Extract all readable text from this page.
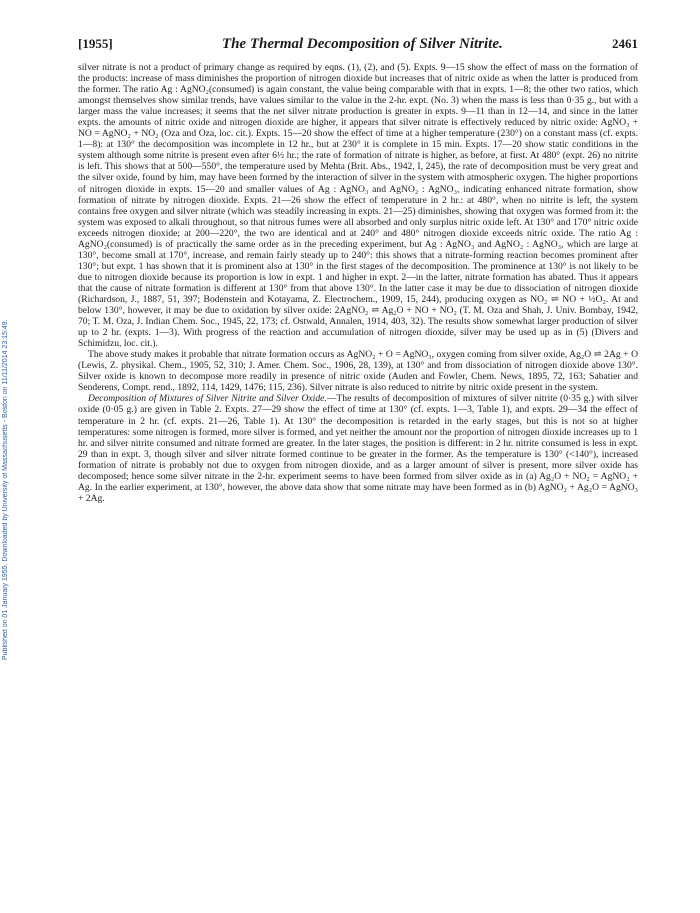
Published on 01 January 1955. Downloaded by University of Massachusetts - Boston on 11/11/2014 23:15:49.
[1955]	The Thermal Decomposition of Silver Nitrite.	2461

silver nitrate is not a product of primary change as required by eqns. (1), (2), and (5). Expts. 9—15 show the effect of mass on the formation of the products: increase of mass diminishes the proportion of nitrogen dioxide but increases that of nitric oxide as when the latter is produced from the former. The ratio Ag : AgNO₂(consumed) is again constant, the value being comparable with that in expts. 1—8; the other two ratios, which amongst themselves show similar trends, have values similar to the value in the 2-hr. expt. (No. 3) when the mass is less than 0·35 g., but with a larger mass the value increases; it seems that the net silver nitrate production is greater in expts. 9—11 than in 12—14, and since in the latter expts. the amounts of nitric oxide and nitrogen dioxide are higher, it appears that silver nitrate is effectively reduced by nitric oxide: AgNO₃ + NO = AgNO₂ + NO₂ (Oza and Oza, loc. cit.). Expts. 15—20 show the effect of time at a higher temperature (230°) on a constant mass (cf. expts. 1—8): at 130° the decomposition was incomplete in 12 hr., but at 230° it is complete in 15 min. Expts. 17—20 show static conditions in the system although some nitrite is present even after 6½ hr.; the rate of formation of nitrate is higher, as before, at first. At 480° (expt. 26) no nitrite is left. This shows that at 500—550°, the temperature used by Mehta (Brit. Abs., 1942, I, 245), the rate of decomposition must be very great and the silver oxide, found by him, may have been formed by the interaction of silver in the system with atmospheric oxygen. The higher proportions of nitrogen dioxide in expts. 15—20 and smaller values of Ag : AgNO₃ and AgNO₂ : AgNO₃, indicating enhanced nitrate formation, show formation of nitrate by nitrogen dioxide. Expts. 21—26 show the effect of temperature in 2 hr.: at 480°, when no nitrite is left, the system contains free oxygen and silver nitrate (which was steadily increasing in expts. 21—25) diminishes, showing that oxygen was formed from it: the system was exposed to alkali throughout, so that nitrous fumes were all absorbed and only surplus nitric oxide left. At 130° and 170° nitric oxide exceeds nitrogen dioxide; at 200—220°, the two are identical and at 240° and 480° nitrogen dioxide exceeds nitric oxide. The ratio Ag : AgNO₂(consumed) is of practically the same order as in the preceding experiment, but Ag : AgNO₃ and AgNO₂ : AgNO₃, which are large at 130°, become small at 170°, increase, and remain fairly steady up to 240°: this shows that a nitrate-forming reaction becomes prominent after 130°; but expt. 1 has shown that it is prominent also at 130° in the first stages of the decomposition. The prominence at 130° is not likely to be due to nitrogen dioxide because its proportion is low in expt. 1 and higher in expt. 2—in the latter, nitrate formation has abated. Thus it appears that the cause of nitrate formation is different at 130° from that above 130°. In the latter case it may be due to dissociation of nitrogen dioxide (Richardson, J., 1887, 51, 397; Bodenstein and Kotayama, Z. Electrochem., 1909, 15, 244), producing oxygen as NO₂ ⇌ NO + ½O₂. At and below 130°, however, it may be due to oxidation by silver oxide: 2AgNO₂ ⇌ Ag₂O + NO + NO₂ (T. M. Oza and Shah, J. Univ. Bombay, 1942, 70; T. M. Oza, J. Indian Chem. Soc., 1945, 22, 173; cf. Ostwald, Annalen, 1914, 403, 32). The results show somewhat larger production of silver up to 2 hr. (expts. 1—3). With progress of the reaction and accumulation of nitrogen dioxide, silver may be used up as in (5) (Divers and Schimidzu, loc. cit.).

The above study makes it probable that nitrate formation occurs as AgNO₂ + O = AgNO₃, oxygen coming from silver oxide, Ag₂O ⇌ 2Ag + O (Lewis, Z. physikal. Chem., 1905, 52, 310; J. Amer. Chem. Soc., 1906, 28, 139), at 130° and from dissociation of nitrogen dioxide above 130°. Silver oxide is known to decompose more readily in presence of nitric oxide (Auden and Fowler, Chem. News, 1895, 72, 163; Sabatier and Senderens, Compt. rend., 1892, 114, 1429, 1476; 115, 236). Silver nitrate is also reduced to nitrite by nitric oxide present in the system.

Decomposition of Mixtures of Silver Nitrite and Silver Oxide.—The results of decomposition of mixtures of silver nitrite (0·35 g.) with silver oxide (0·05 g.) are given in Table 2. Expts. 27—29 show the effect of time at 130° (cf. expts. 1—3, Table 1), and expts. 29—34 the effect of temperature in 2 hr. (cf. expts. 21—26, Table 1). At 130° the decomposition is retarded in the early stages, but this is not so at higher temperatures: some nitrogen is formed, more silver is formed, and yet neither the amount nor the proportion of nitrogen dioxide increases up to 1 hr. and silver nitrite consumed and nitrate formed are greater. In the later stages, the position is different: in 2 hr. nitrite consumed is less in expt. 29 than in expt. 3, though silver and silver nitrate formed continue to be greater in the former. As the temperature is 130° (<140°), increased formation of nitrate is probably not due to oxygen from nitrogen dioxide, and as a larger amount of silver is present, more silver oxide has decomposed; hence some silver nitrate in the 2-hr. experiment seems to have been formed from silver oxide as in (a) Ag₂O + NO₂ = AgNO₂ + Ag. In the earlier experiment, at 130°, however, the above data show that some nitrate may have been formed as in (b) AgNO₂ + Ag₂O = AgNO₃ + 2Ag.
